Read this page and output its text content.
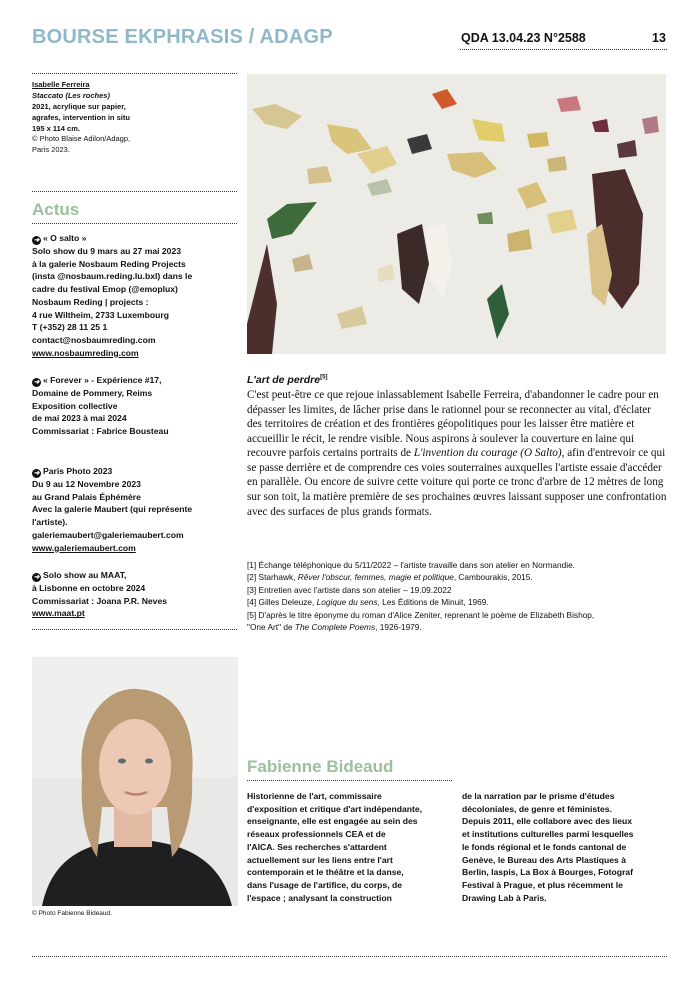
BOURSE EKPHRASIS / ADAGP	QDA 13.04.23 N°2588	13
Isabelle Ferreira
Staccato (Les roches)
2021, acrylique sur papier,
agrafes, intervention in situ
195 x 114 cm.
© Photo Blaise Adilon/Adagp,
Paris 2023.
Actus
➜ « O salto »
Solo show du 9 mars au 27 mai 2023
à la galerie Nosbaum Reding Projects
(insta @nosbaum.reding.lu.bxl) dans le
cadre du festival Emop (@emoplux)
Nosbaum Reding | projects :
4 rue Wiltheim, 2733 Luxembourg
T (+352) 28 11 25 1
contact@nosbaumreding.com
www.nosbaumreding.com
➜ « Forever » - Expérience #17,
Domaine de Pommery, Reims
Exposition collective
de mai 2023 à mai 2024
Commissariat : Fabrice Bousteau
➜ Paris Photo 2023
Du 9 au 12 Novembre 2023
au Grand Palais Éphémère
Avec la galerie Maubert (qui représente
l'artiste).
galeriemaubert@galeriemaubert.com
www.galeriemaubert.com
➜ Solo show au MAAT,
à Lisbonne en octobre 2024
Commissariat : Joana P.R. Neves
www.maat.pt
L'art de perdre[5]
C'est peut-être ce que rejoue inlassablement Isabelle Ferreira, d'abandonner le cadre pour en dépasser les limites, de lâcher prise dans le rationnel pour se reconnecter au vital, d'éclater des territoires de création et des frontières géopolitiques pour les laisser être matière et accueillir le récit, le rendre visible. Nous aspirons à soulever la couverture en laine qui recouvre parfois certains portraits de L'invention du courage (O Salto), afin d'entrevoir ce qui se passe derrière et de comprendre ces voies souterraines auxquelles l'artiste essaie d'accéder en parallèle. Ou encore de suivre cette voiture qui porte ce tronc d'arbre de 12 mètres de long sur son toit, la matière première de ses prochaines œuvres laissant supposer une confrontation avec des surfaces de plus grands formats.
[1] Échange téléphonique du 5/11/2022 – l'artiste travaille dans son atelier en Normandie.
[2] Starhawk, Rêver l'obscur, femmes, magie et politique, Cambourakis, 2015.
[3] Entretien avec l'artiste dans son atelier – 19.09.2022
[4] Gilles Deleuze, Logique du sens, Les Éditions de Minuit, 1969.
[5] D'après le titre éponyme du roman d'Alice Zeniter, reprenant le poème de Elizabeth Bishop,
"One Art" de The Complete Poems, 1926-1979.
© Photo Fabienne Bideaud.
Fabienne Bideaud
Historienne de l'art, commissaire
d'exposition et critique d'art indépendante,
enseignante, elle est engagée au sein des
réseaux professionnels CEA et de
l'AICA. Ses recherches s'attardent
actuellement sur les liens entre l'art
contemporain et le théâtre et la danse,
dans l'usage de l'artifice, du corps, de
l'espace ; analysant la construction
de la narration par le prisme d'études
décoloniales, de genre et féministes.
Depuis 2011, elle collabore avec des lieux
et institutions culturelles parmi lesquelles
le fonds régional et le fonds cantonal de
Genève, le Bureau des Arts Plastiques à
Berlin, Iaspis, La Box à Bourges, Fotograf
Festival à Prague, et plus récemment le
Drawing Lab à Paris.
